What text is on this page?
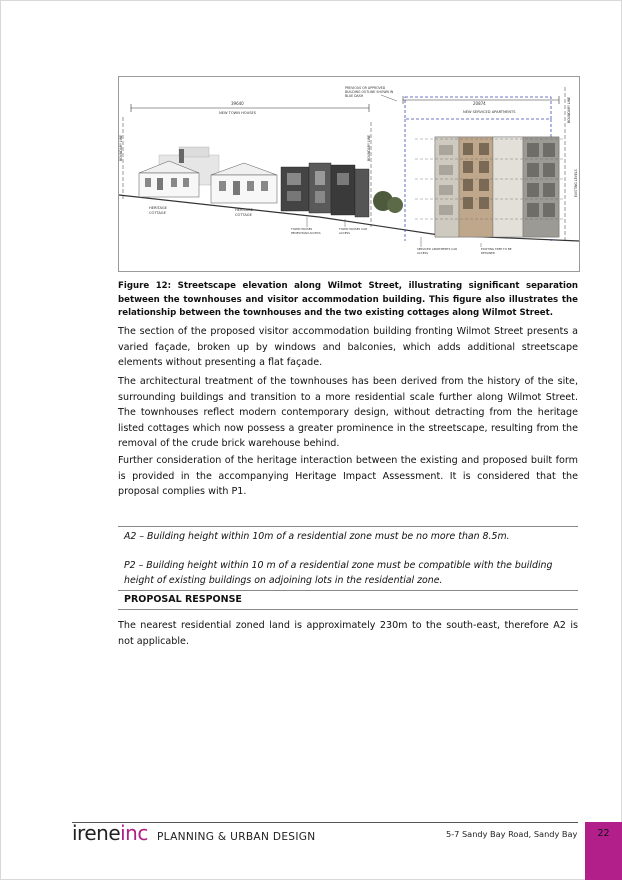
39640
NEW TOWN HOUSES
PREVIOUS OR APPROVED
BUILDING OUTLINE SHOWN IN
BLUE DASH
20874
NEW SERVICED APARTMENTS
BOUNDARY LINE	BOUNDARY LINE
BOUNDARY LINE
EXISTING LEVELS
HERITAGE
COTTAGE
HERITAGE
COTTAGE
TOWN HOUSES
PEDESTRIAN ACCESS
TOWN HOUSES CAR
ACCESS
SERVICED APARTMENTS CAR
ACCESS
EXISTING TREE TO BE
RETAINED
Figure 12: Streetscape elevation along Wilmot Street, illustrating significant separation between the townhouses and visitor accommodation building. This figure also illustrates the relationship between the townhouses and the two existing cottages along Wilmot Street.

The section of the proposed visitor accommodation building fronting Wilmot Street presents a varied façade, broken up by windows and balconies, which adds additional streetscape elements without presenting a flat façade.

The architectural treatment of the townhouses has been derived from the history of the site, surrounding buildings and transition to a more residential scale further along Wilmot Street. The townhouses reflect modern contemporary design, without detracting from the heritage listed cottages which now possess a greater prominence in the streetscape, resulting from the removal of the crude brick warehouse behind.

Further consideration of the heritage interaction between the existing and proposed built form is provided in the accompanying Heritage Impact Assessment. It is considered that the proposal complies with P1.

A2 – Building height within 10m of a residential zone must be no more than 8.5m.
P2 – Building height within 10 m of a residential zone must be compatible with the building height of existing buildings on adjoining lots in the residential zone.
PROPOSAL RESPONSE

The nearest residential zoned land is approximately 230m to the south-east, therefore A2 is not applicable.

ireneinc PLANNING & URBAN DESIGN	5-7 Sandy Bay Road, Sandy Bay	22
